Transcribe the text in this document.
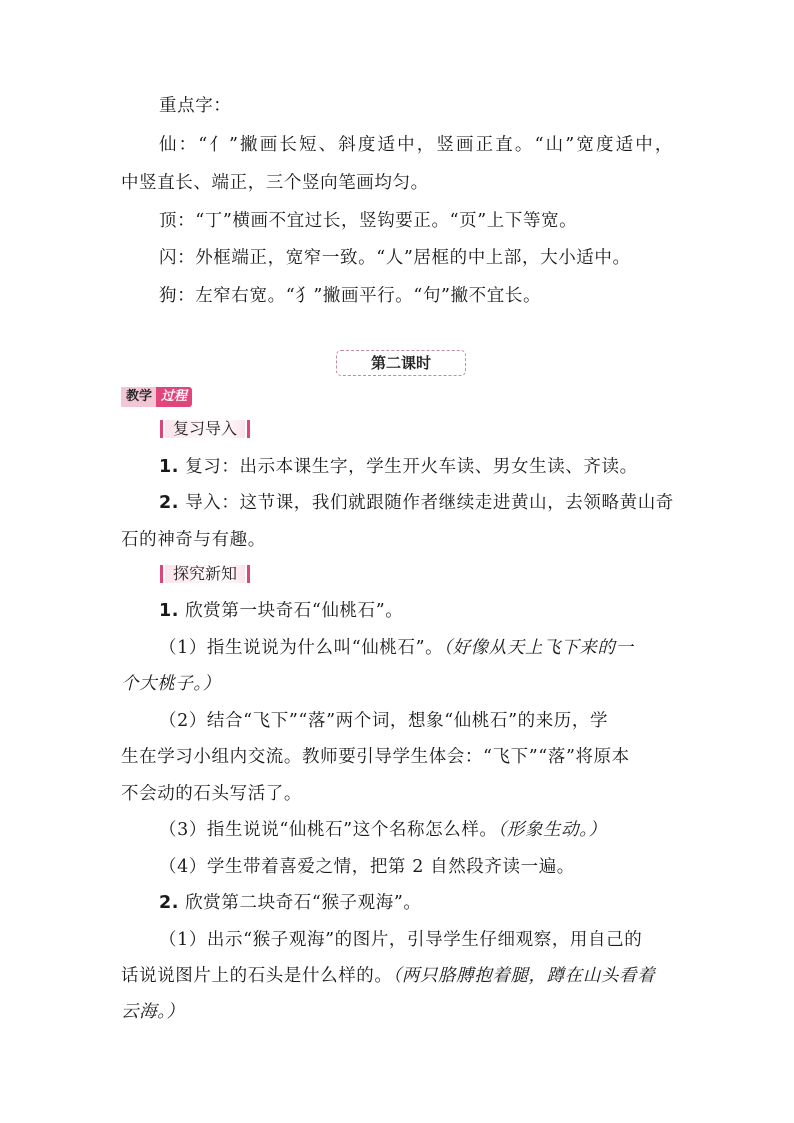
重点字：
仙：“亻”撇画长短、斜度适中，竖画正直。“山”宽度适中，
中竖直长、端正，三个竖向笔画均匀。
顶：“丁”横画不宜过长，竖钩要正。“页”上下等宽。
闪：外框端正，宽窄一致。“人”居框的中上部，大小适中。
狗：左窄右宽。“犭”撇画平行。“句”撇不宜长。
第二课时
教学 过程
复习导入
1. 复习：出示本课生字，学生开火车读、男女生读、齐读。
2. 导入：这节课，我们就跟随作者继续走进黄山，去领略黄山奇
石的神奇与有趣。
探究新知
1. 欣赏第一块奇石“仙桃石”。
（1）指生说说为什么叫“仙桃石”。（好像从天上飞下来的一
个大桃子。）
（2）结合“飞下”“落”两个词，想象“仙桃石”的来历，学
生在学习小组内交流。教师要引导学生体会：“飞下”“落”将原本
不会动的石头写活了。
（3）指生说说“仙桃石”这个名称怎么样。（形象生动。）
（4）学生带着喜爱之情，把第 2 自然段齐读一遍。
2. 欣赏第二块奇石“猴子观海”。
（1）出示“猴子观海”的图片，引导学生仔细观察，用自己的
话说说图片上的石头是什么样的。（两只胳膊抱着腿，蹲在山头看着
云海。）
